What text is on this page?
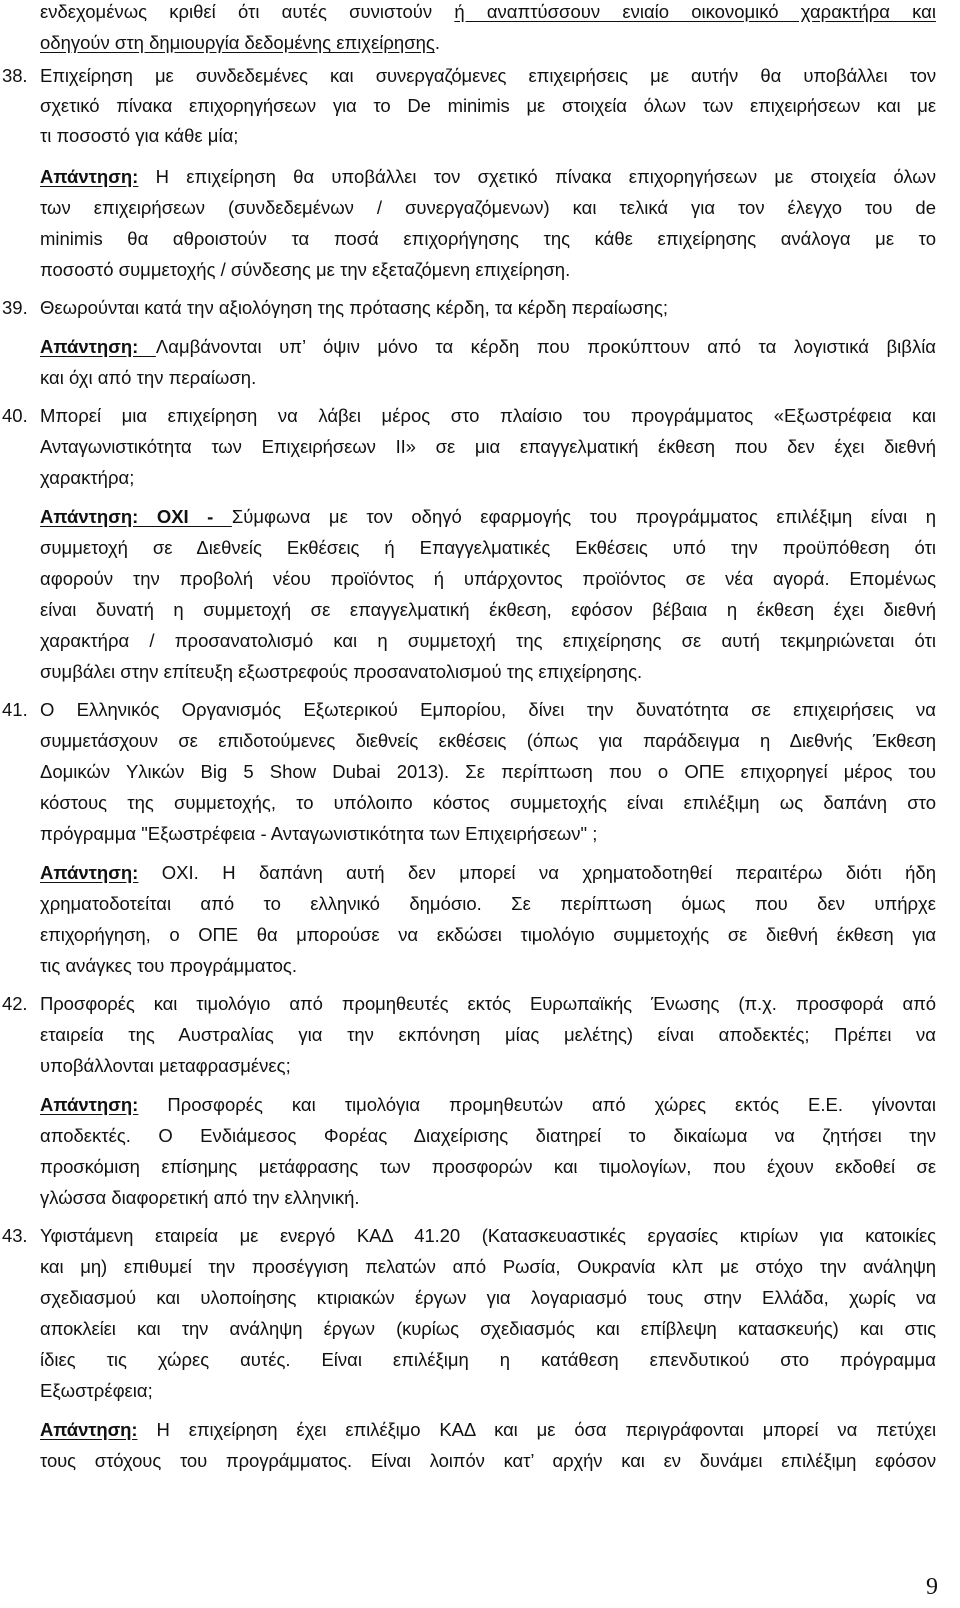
ενδεχομένως κριθεί ότι αυτές συνιστούν ή αναπτύσσουν ενιαίο οικονομικό χαρακτήρα και
οδηγούν στη δημιουργία δεδομένης επιχείρησης.
38. Επιχείρηση με συνδεδεμένες και συνεργαζόμενες επιχειρήσεις με αυτήν θα υποβάλλει τον
σχετικό πίνακα επιχορηγήσεων για το De minimis με στοιχεία όλων των επιχειρήσεων και με
τι ποσοστό για κάθε μία;
Απάντηση: Η επιχείρηση θα υποβάλλει τον σχετικό πίνακα επιχορηγήσεων με στοιχεία όλων
των επιχειρήσεων (συνδεδεμένων / συνεργαζόμενων) και τελικά για τον έλεγχο του de
minimis θα αθροιστούν τα ποσά επιχορήγησης της κάθε επιχείρησης ανάλογα με το
ποσοστό συμμετοχής / σύνδεσης με την εξεταζόμενη επιχείρηση.
39. Θεωρούνται κατά την αξιολόγηση της πρότασης κέρδη, τα κέρδη περαίωσης;
Απάντηση: Λαμβάνονται υπ’ όψιν μόνο τα κέρδη που προκύπτουν από τα λογιστικά βιβλία
και όχι από την περαίωση.
40. Μπορεί μια επιχείρηση να λάβει μέρος στο πλαίσιο του προγράμματος «Εξωστρέφεια και
Ανταγωνιστικότητα των Επιχειρήσεων ΙΙ» σε μια επαγγελματική έκθεση που δεν έχει διεθνή
χαρακτήρα;
Απάντηση: ΟΧΙ - Σύμφωνα με τον οδηγό εφαρμογής του προγράμματος επιλέξιμη είναι η
συμμετοχή σε Διεθνείς Εκθέσεις ή Επαγγελματικές Εκθέσεις υπό την προϋπόθεση ότι
αφορούν την προβολή νέου προϊόντος ή υπάρχοντος προϊόντος σε νέα αγορά. Επομένως
είναι δυνατή η συμμετοχή σε επαγγελματική έκθεση, εφόσον βέβαια η έκθεση έχει διεθνή
χαρακτήρα / προσανατολισμό και η συμμετοχή της επιχείρησης σε αυτή τεκμηριώνεται ότι
συμβάλει στην επίτευξη εξωστρεφούς προσανατολισμού της επιχείρησης.
41. Ο Ελληνικός Οργανισμός Εξωτερικού Εμπορίου, δίνει την δυνατότητα σε επιχειρήσεις να
συμμετάσχουν σε επιδοτούμενες διεθνείς εκθέσεις (όπως για παράδειγμα η Διεθνής Έκθεση
Δομικών Υλικών Big 5 Show Dubai 2013). Σε περίπτωση που ο ΟΠΕ επιχορηγεί μέρος του
κόστους της συμμετοχής, το υπόλοιπο κόστος συμμετοχής είναι επιλέξιμη ως δαπάνη στο
πρόγραμμα "Εξωστρέφεια - Ανταγωνιστικότητα των Επιχειρήσεων" ;
Απάντηση: ΟΧΙ. Η δαπάνη αυτή δεν μπορεί να χρηματοδοτηθεί περαιτέρω διότι ήδη
χρηματοδοτείται από το ελληνικό δημόσιο. Σε περίπτωση όμως που δεν υπήρχε
επιχορήγηση, ο ΟΠΕ θα μπορούσε να εκδώσει τιμολόγιο συμμετοχής σε διεθνή έκθεση για
τις ανάγκες του προγράμματος.
42. Προσφορές και τιμολόγιο από προμηθευτές εκτός Ευρωπαϊκής Ένωσης (π.χ. προσφορά από
εταιρεία της Αυστραλίας για την εκπόνηση μίας μελέτης) είναι αποδεκτές; Πρέπει να
υποβάλλονται μεταφρασμένες;
Απάντηση: Προσφορές και τιμολόγια προμηθευτών από χώρες εκτός Ε.Ε. γίνονται
αποδεκτές. Ο Ενδιάμεσος Φορέας Διαχείρισης διατηρεί το δικαίωμα να ζητήσει την
προσκόμιση επίσημης μετάφρασης των προσφορών και τιμολογίων, που έχουν εκδοθεί σε
γλώσσα διαφορετική από την ελληνική.
43. Υφιστάμενη εταιρεία με ενεργό ΚΑΔ 41.20 (Κατασκευαστικές εργασίες κτιρίων για κατοικίες
και μη) επιθυμεί την προσέγγιση πελατών από Ρωσία, Ουκρανία κλπ με στόχο την ανάληψη
σχεδιασμού και υλοποίησης κτιριακών έργων για λογαριασμό τους στην Ελλάδα, χωρίς να
αποκλείει και την ανάληψη έργων (κυρίως σχεδιασμός και επίβλεψη κατασκευής) και στις
ίδιες τις χώρες αυτές. Είναι επιλέξιμη η κατάθεση επενδυτικού στο πρόγραμμα
Εξωστρέφεια;
Απάντηση: Η επιχείρηση έχει επιλέξιμο ΚΑΔ και με όσα περιγράφονται μπορεί να πετύχει
τους στόχους του προγράμματος. Είναι λοιπόν κατ’ αρχήν και εν δυνάμει επιλέξιμη εφόσον
9
